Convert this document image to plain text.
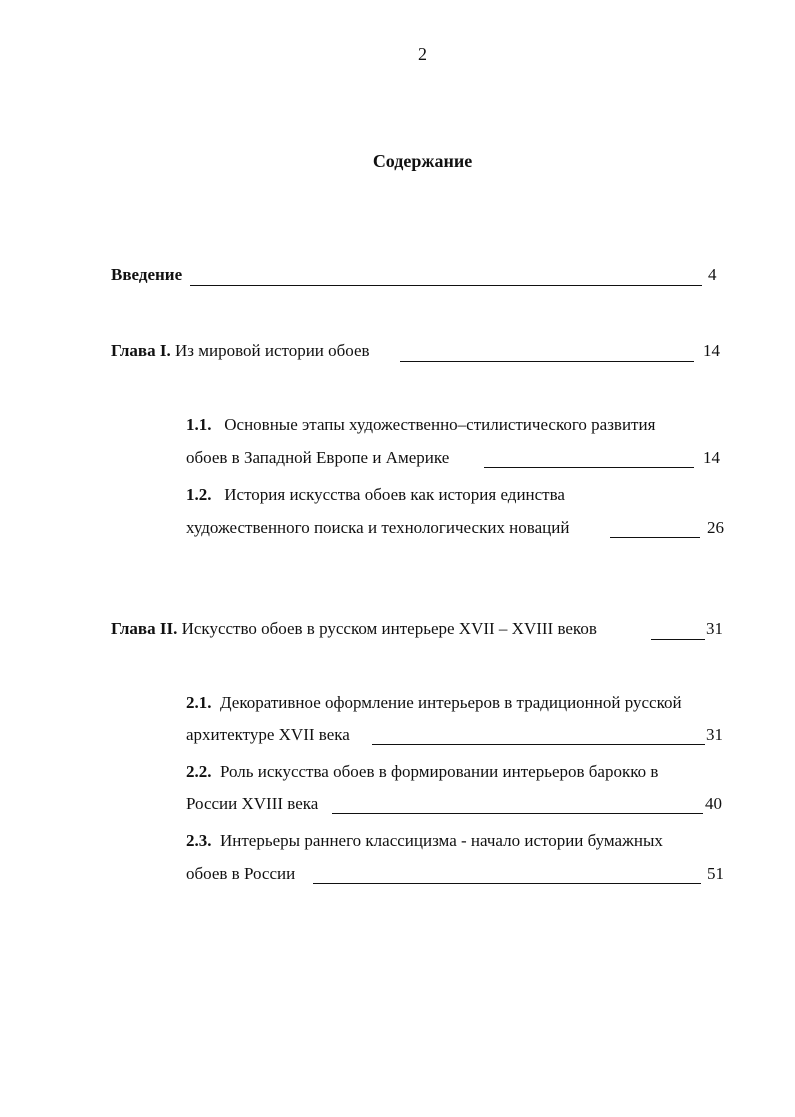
2
Содержание
Введение	4
Глава I. Из мировой истории обоев	14
1.1. Основные этапы художественно–стилистического развития
обоев в Западной Европе и Америке	14
1.2. История искусства обоев как история единства
художественного поиска и технологических новаций	26
Глава II. Искусство обоев в русском интерьере XVII – XVIII веков	31
2.1. Декоративное оформление интерьеров в традиционной русской
архитектуре XVII века	31
2.2. Роль искусства обоев в формировании интерьеров барокко в
России XVIII века	40
2.3. Интерьеры раннего классицизма - начало истории бумажных
обоев в России	51
